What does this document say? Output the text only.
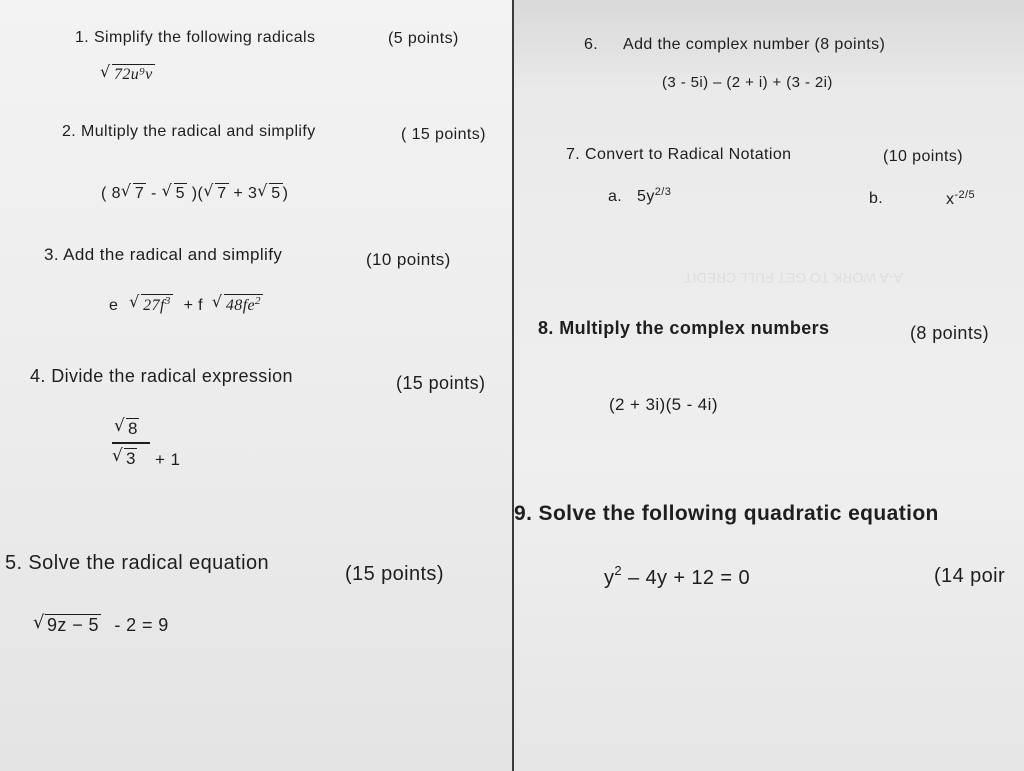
1. Simplify the following radicals	(5 points)
√ 72u⁹v
2. Multiply the radical and simplify	( 15 points)
( 8 √ 7 - √ 5 )( √ 7 + 3 √ 5 )
3. Add the radical and simplify	(10 points)
e √ $27f^3 + f$ √ $48fe^2$
4. Divide the radical expression	(15 points)
√ 8
√ 3 + 1
5. Solve the radical equation	(15 points)
√ 9z − 5 - 2 = 9
6. Add the complex number (8 points)
(3 - 5i) – (2 + i) + (3 - 2i)
7. Convert to Radical Notation	(10 points)
a. $5y^{2/3}$	b.	$x^{-2/5}$
A-A WORK TO GET FULL CREDIT
8. Multiply the complex numbers	(8 points)
(2 + 3i)(5 - 4i)
9. Solve the following quadratic equation
$y^2 - 4y + 12 = 0$	(14 poir
